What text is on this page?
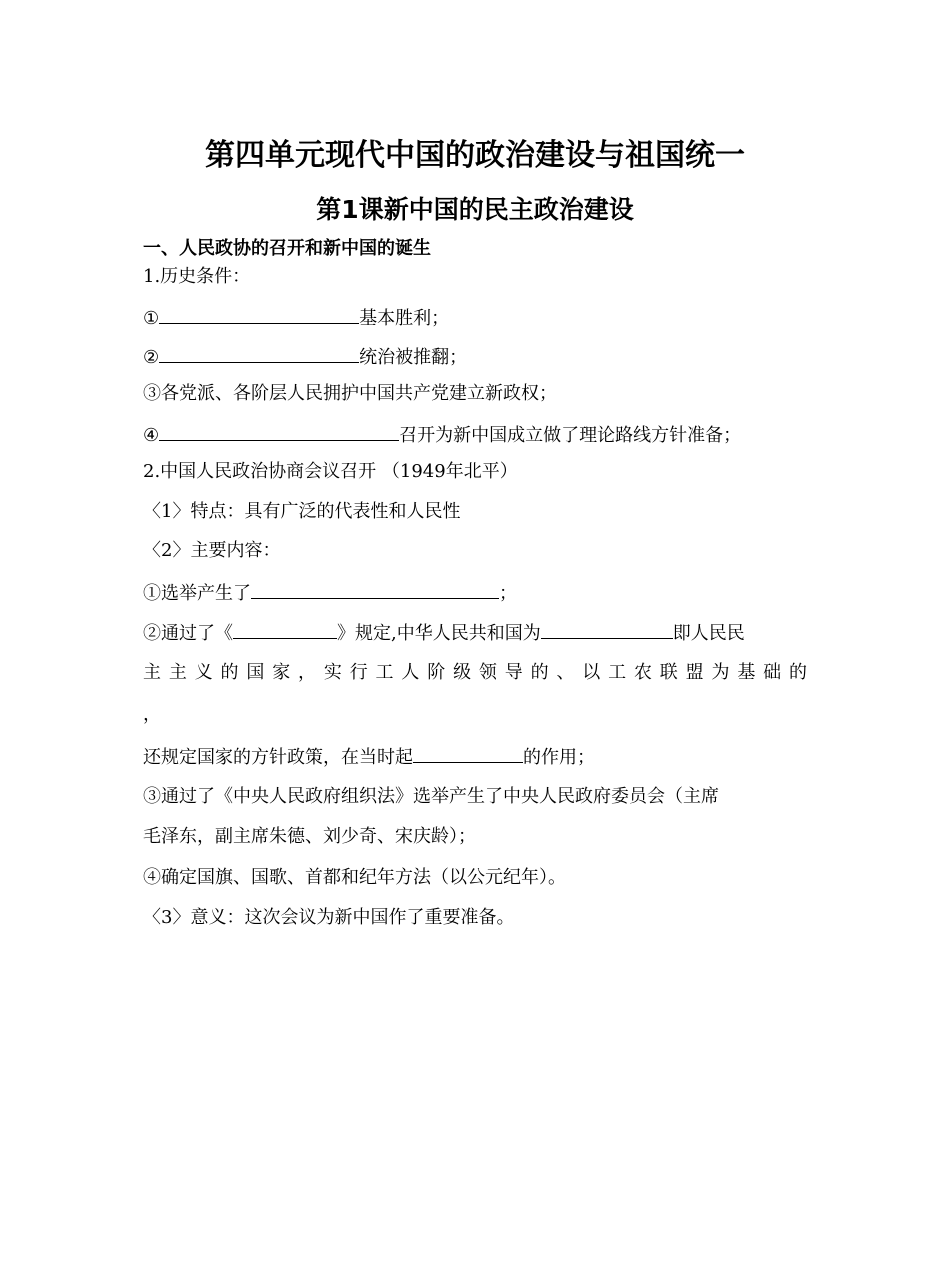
第四单元现代中国的政治建设与祖国统一
第1课新中国的民主政治建设
一、人民政协的召开和新中国的诞生
1.历史条件：
①	基本胜利；
②	统治被推翻；
③各党派、各阶层人民拥护中国共产党建立新政权；
④	召开为新中国成立做了理论路线方针准备；
2.中国人民政治协商会议召开 （1949年北平）
〈1〉特点：具有广泛的代表性和人民性
〈2〉主要内容：
①选举产生了	；
②通过了《	》规定,中华人民共和国为	即人民民
主主义的国家，实行工人阶级领导的、以工农联盟为基础的
，
还规定国家的方针政策，在当时起	的作用；
③通过了《中央人民政府组织法》选举产生了中央人民政府委员会（主席
毛泽东，副主席朱德、刘少奇、宋庆龄）；
④确定国旗、国歌、首都和纪年方法（以公元纪年）。
〈3〉意义：这次会议为新中国作了重要准备。
